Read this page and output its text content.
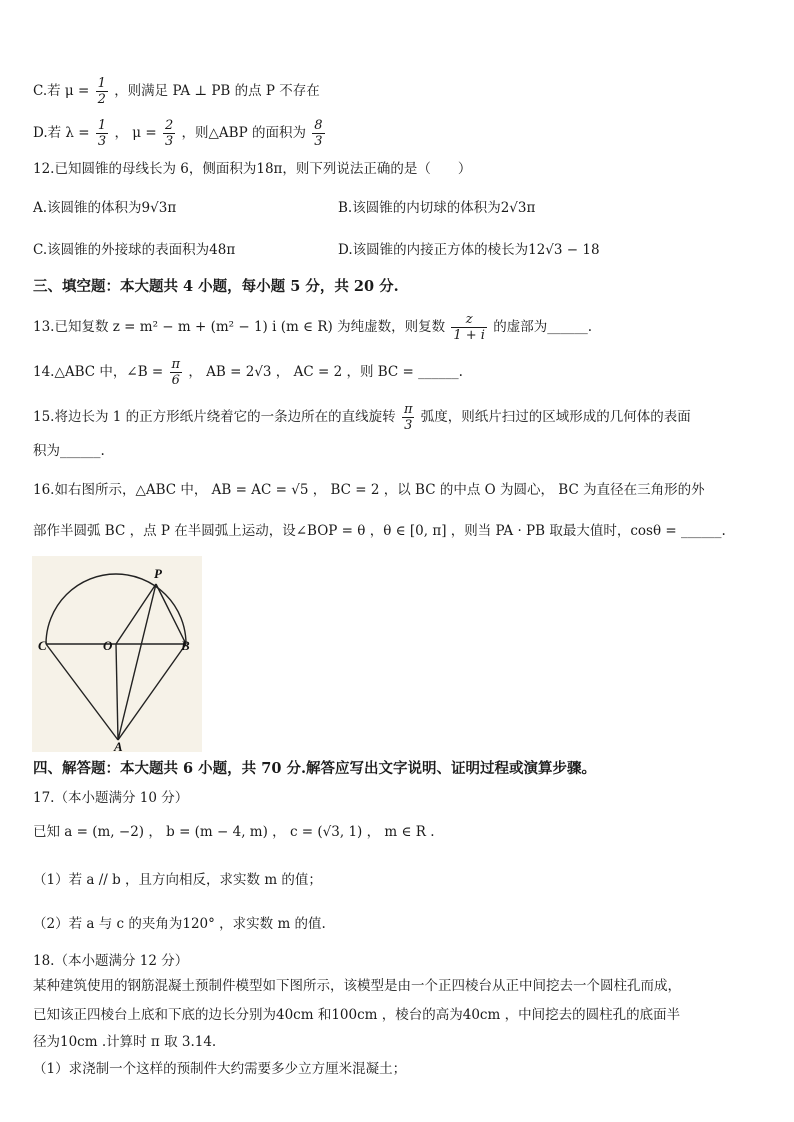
C.若 $\mu = \frac{1}{2}$ ，则满足 PA ⊥ PB 的点 P 不存在
D.若 $\lambda = \frac{1}{3}$ ， $\mu = \frac{2}{3}$ ，则△ABP 的面积为 $\frac{8}{3}$
12.已知圆锥的母线长为 6，侧面积为18π，则下列说法正确的是（　　）
A.该圆锥的体积为9√3π	B.该圆锥的内切球的体积为2√3π
C.该圆锥的外接球的表面积为48π	D.该圆锥的内接正方体的棱长为12√3 − 18
三、填空题：本大题共 4 小题，每小题 5 分，共 20 分.
13.已知复数 z = m² − m + (m² − 1) i (m ∈ R) 为纯虚数，则复数 $\frac{z}{1 + i}$ 的虚部为______.
14.△ABC 中，∠B = $\frac{\pi}{6}$ ， AB = 2√3 ， AC = 2 ，则 BC = ______.
15.将边长为 1 的正方形纸片绕着它的一条边所在的直线旋转 $\frac{\pi}{3}$ 弧度，则纸片扫过的区域形成的几何体的表面
积为______.
16.如右图所示，△ABC 中， AB = AC = √5 ， BC = 2 ，以 BC 的中点 O 为圆心， BC 为直径在三角形的外
部作半圆弧 BC ，点 P 在半圆弧上运动，设∠BOP = θ ，θ ∈ [0, π] ，则当 PA · PB 取最大值时，cosθ = ______.
P
C	O	B
A
四、解答题：本大题共 6 小题，共 70 分.解答应写出文字说明、证明过程或演算步骤。
17.（本小题满分 10 分）
已知 a = (m, −2) ， b = (m − 4, m) ， c = (√3, 1) ， m ∈ R .
（1）若 a // b ，且方向相反，求实数 m 的值；
（2）若 a 与 c 的夹角为120° ，求实数 m 的值.
18.（本小题满分 12 分）
某种建筑使用的钢筋混凝土预制件模型如下图所示，该模型是由一个正四棱台从正中间挖去一个圆柱孔而成，
已知该正四棱台上底和下底的边长分别为40cm 和100cm ，棱台的高为40cm ，中间挖去的圆柱孔的底面半
径为10cm .计算时 π 取 3.14.
（1）求浇制一个这样的预制件大约需要多少立方厘米混凝土；
